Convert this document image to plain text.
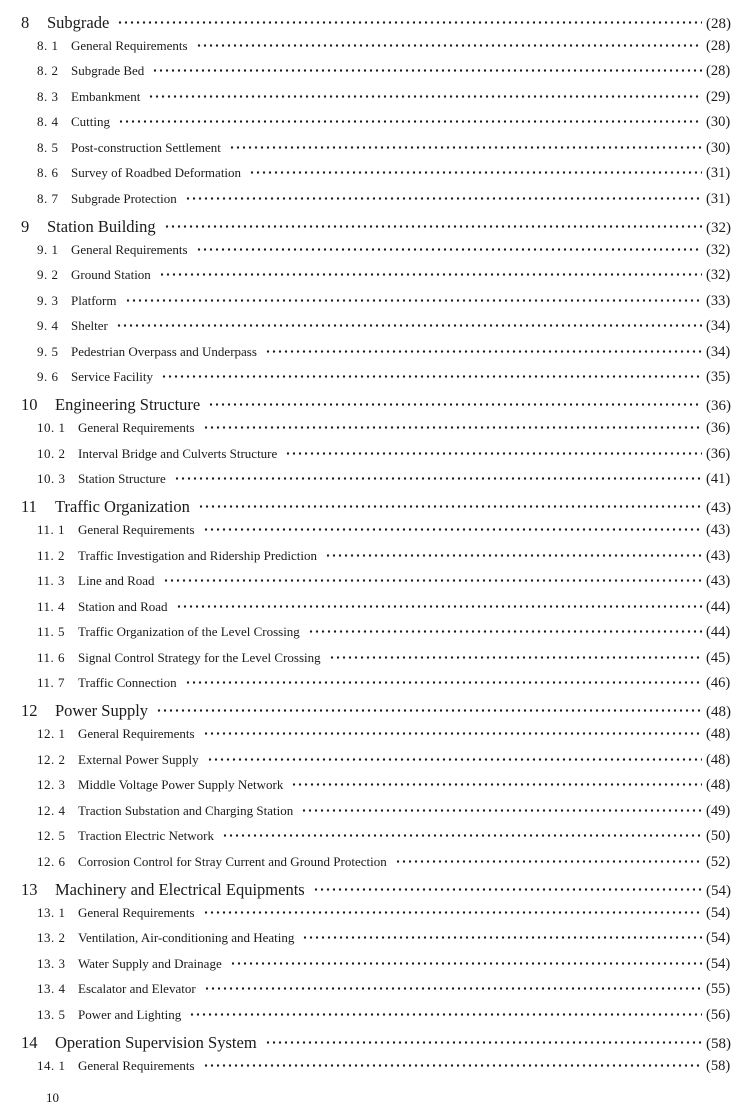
8	Subgrade	(28)
8. 1 General Requirements	(28)
8. 2 Subgrade Bed	(28)
8. 3 Embankment	(29)
8. 4 Cutting	(30)
8. 5 Post-construction Settlement	(30)
8. 6 Survey of Roadbed Deformation	(31)
8. 7 Subgrade Protection	(31)
9	Station Building	(32)
9. 1 General Requirements	(32)
9. 2 Ground Station	(32)
9. 3 Platform	(33)
9. 4 Shelter	(34)
9. 5 Pedestrian Overpass and Underpass	(34)
9. 6 Service Facility	(35)
10	Engineering Structure	(36)
10. 1 General Requirements	(36)
10. 2 Interval Bridge and Culverts Structure	(36)
10. 3 Station Structure	(41)
11	Traffic Organization	(43)
11. 1 General Requirements	(43)
11. 2 Traffic Investigation and Ridership Prediction	(43)
11. 3 Line and Road	(43)
11. 4 Station and Road	(44)
11. 5 Traffic Organization of the Level Crossing	(44)
11. 6 Signal Control Strategy for the Level Crossing	(45)
11. 7 Traffic Connection	(46)
12	Power Supply	(48)
12. 1 General Requirements	(48)
12. 2 External Power Supply	(48)
12. 3 Middle Voltage Power Supply Network	(48)
12. 4 Traction Substation and Charging Station	(49)
12. 5 Traction Electric Network	(50)
12. 6 Corrosion Control for Stray Current and Ground Protection	(52)
13	Machinery and Electrical Equipments	(54)
13. 1 General Requirements	(54)
13. 2 Ventilation, Air-conditioning and Heating	(54)
13. 3 Water Supply and Drainage	(54)
13. 4 Escalator and Elevator	(55)
13. 5 Power and Lighting	(56)
14	Operation Supervision System	(58)
14. 1 General Requirements	(58)
10
